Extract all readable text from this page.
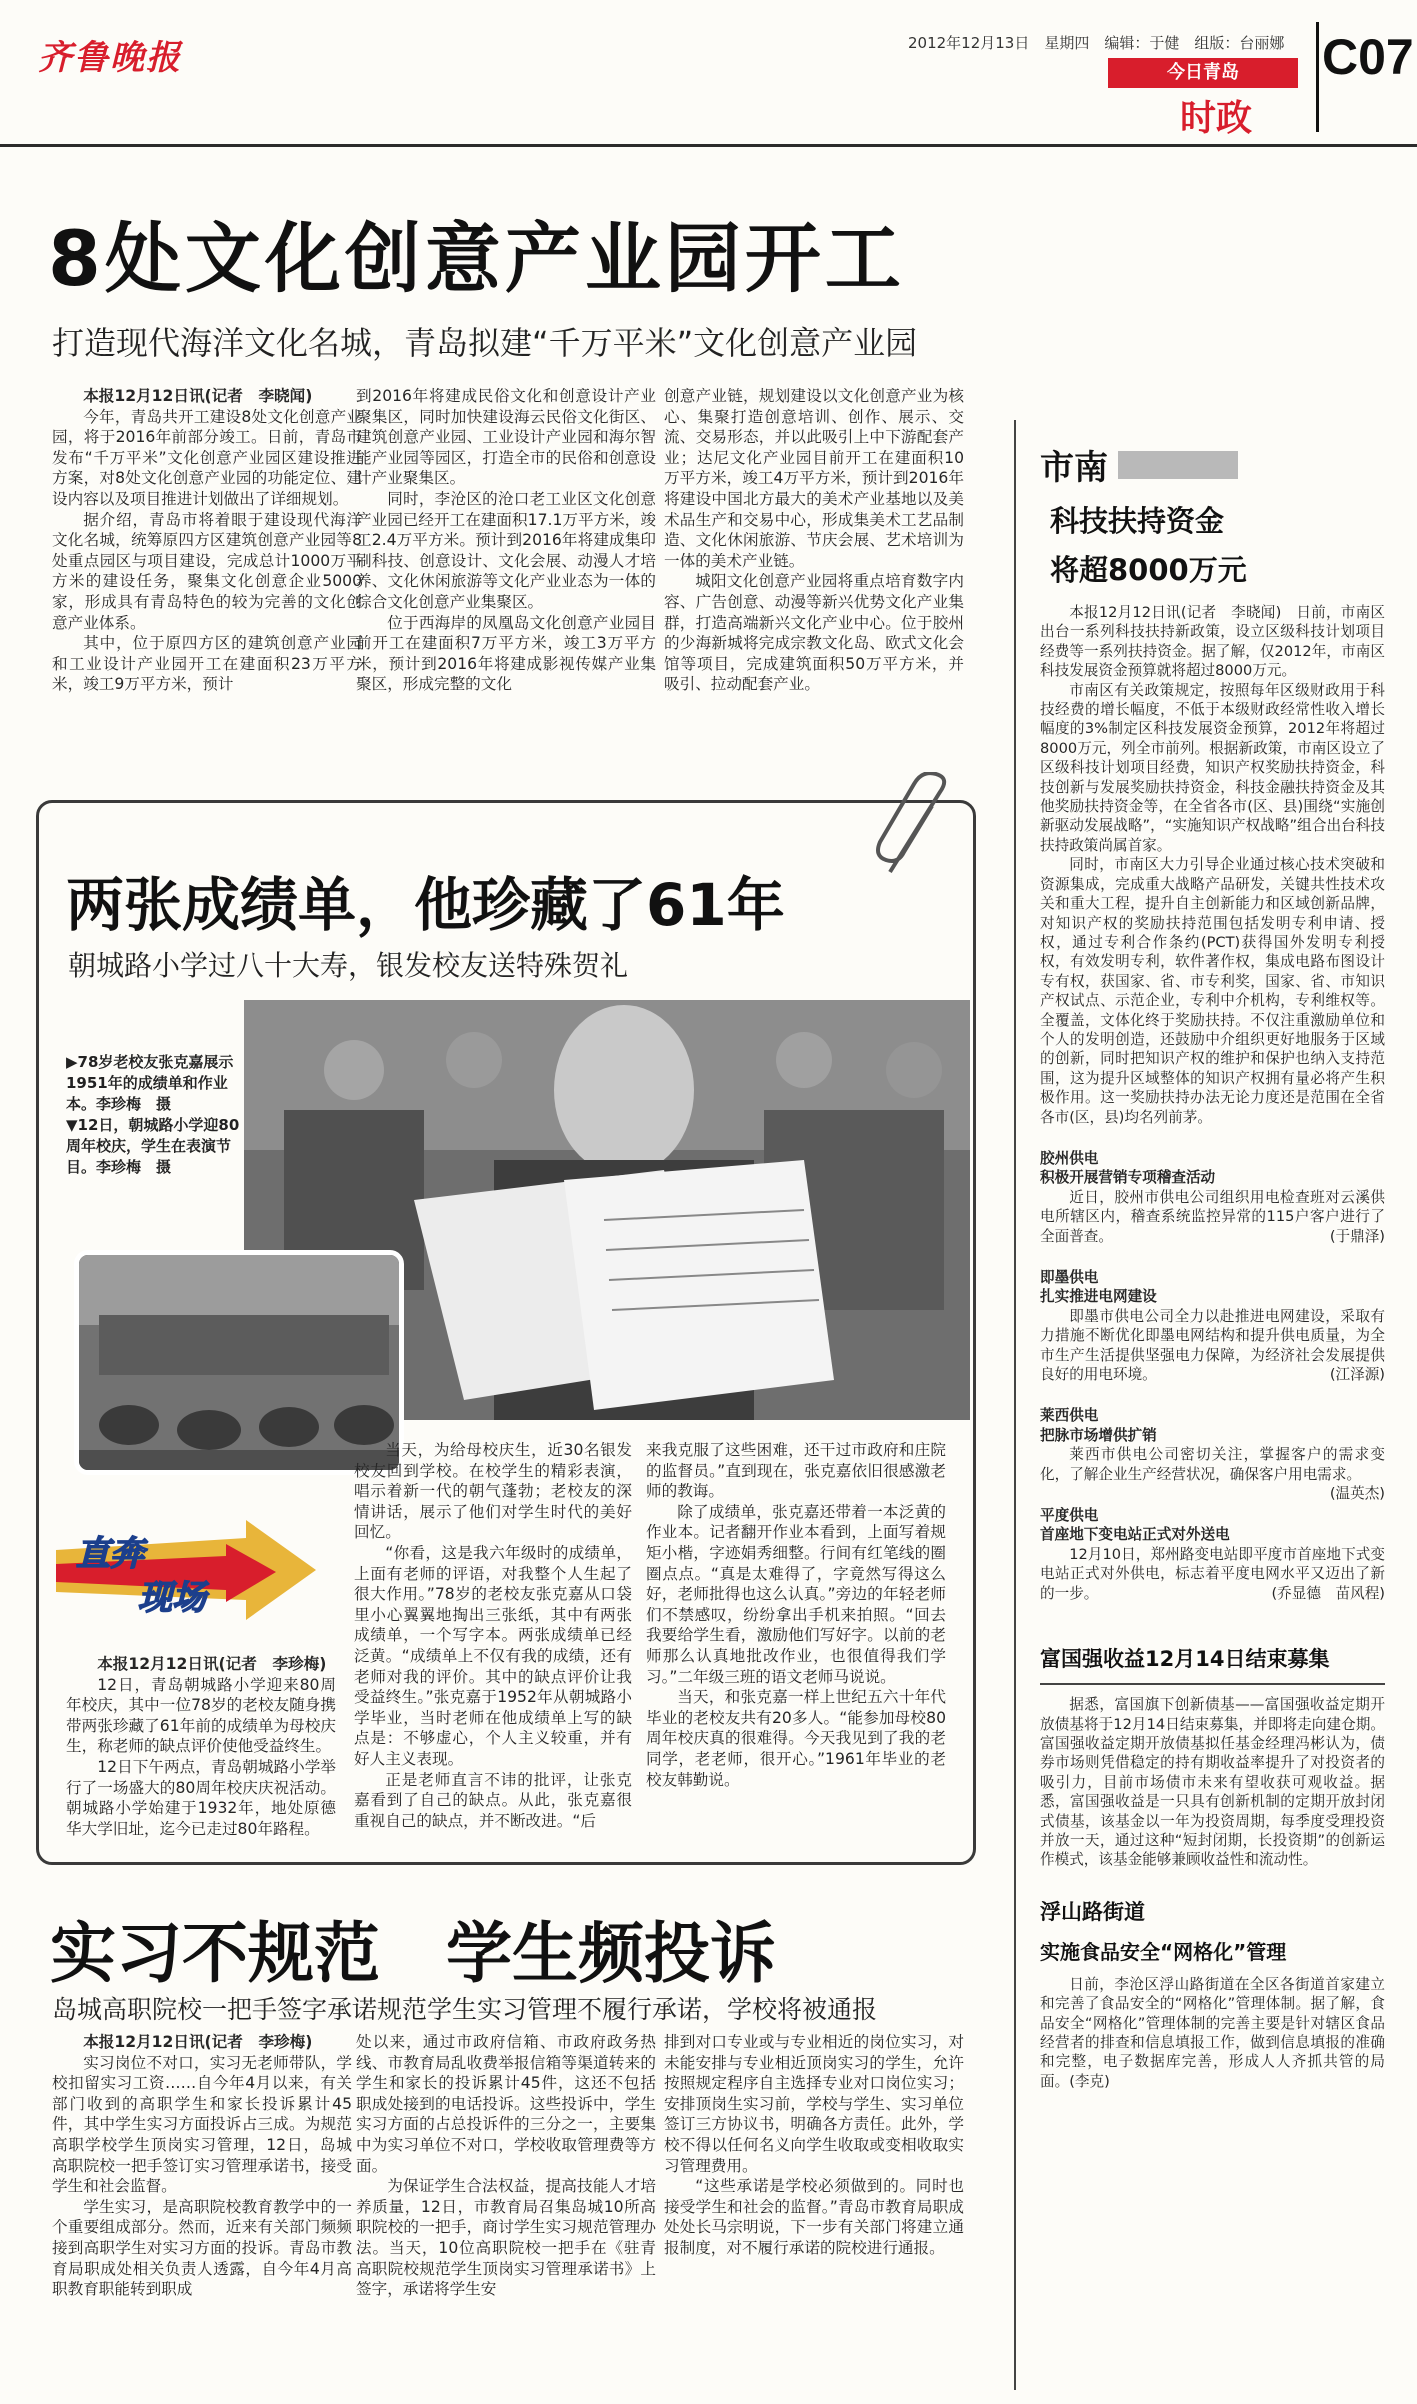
齐鲁晚报	2012年12月13日　星期四　编辑：于健　组版：台丽娜
今日青岛
时政
C07
8处文化创意产业园开工
打造现代海洋文化名城，青岛拟建“千万平米”文化创意产业园

本报12月12日讯(记者　李晓闻)

今年，青岛共开工建设8处文化创意产业园，将于2016年前部分竣工。日前，青岛市发布“千万平米”文化创意产业园区建设推进方案，对8处文化创意产业园的功能定位、建设内容以及项目推进计划做出了详细规划。

据介绍，青岛市将着眼于建设现代海洋文化名城，统筹原四方区建筑创意产业园等8处重点园区与项目建设，完成总计1000万平方米的建设任务，聚集文化创意企业5000家，形成具有青岛特色的较为完善的文化创意产业体系。

其中，位于原四方区的建筑创意产业园和工业设计产业园开工在建面积23万平方米，竣工9万平方米，预计

到2016年将建成民俗文化和创意设计产业聚集区，同时加快建设海云民俗文化街区、建筑创意产业园、工业设计产业园和海尔智能产业园等园区，打造全市的民俗和创意设计产业聚集区。

同时，李沧区的沧口老工业区文化创意产业园已经开工在建面积17.1万平方米，竣工2.4万平方米。预计到2016年将建成集印刷科技、创意设计、文化会展、动漫人才培养、文化休闲旅游等文化产业业态为一体的综合文化创意产业集聚区。

位于西海岸的凤凰岛文化创意产业园目前开工在建面积7万平方米，竣工3万平方米，预计到2016年将建成影视传媒产业集聚区，形成完整的文化

创意产业链，规划建设以文化创意产业为核心、集聚打造创意培训、创作、展示、交流、交易形态，并以此吸引上中下游配套产业；达尼文化产业园目前开工在建面积10万平方米，竣工4万平方米，预计到2016年将建设中国北方最大的美术产业基地以及美术品生产和交易中心，形成集美术工艺品制造、文化休闲旅游、节庆会展、艺术培训为一体的美术产业链。

城阳文化创意产业园将重点培育数字内容、广告创意、动漫等新兴优势文化产业集群，打造高端新兴文化产业中心。位于胶州的少海新城将完成宗教文化岛、欧式文化会馆等项目，完成建筑面积50万平方米，并吸引、拉动配套产业。

两张成绩单，他珍藏了61年
朝城路小学过八十大寿，银发校友送特殊贺礼
▶78岁老校友张克嘉展示1951年的成绩单和作业本。李珍梅　摄
▼12日，朝城路小学迎80周年校庆，学生在表演节目。李珍梅　摄
直奔
现场

本报12月12日讯(记者　李珍梅)

12日，青岛朝城路小学迎来80周年校庆，其中一位78岁的老校友随身携带两张珍藏了61年前的成绩单为母校庆生，称老师的缺点评价使他受益终生。

12日下午两点，青岛朝城路小学举行了一场盛大的80周年校庆庆祝活动。朝城路小学始建于1932年，地处原德华大学旧址，迄今已走过80年路程。

当天，为给母校庆生，近30名银发校友回到学校。在校学生的精彩表演，唱示着新一代的朝气蓬勃；老校友的深情讲话，展示了他们对学生时代的美好回忆。

“你看，这是我六年级时的成绩单，上面有老师的评语，对我整个人生起了很大作用。”78岁的老校友张克嘉从口袋里小心翼翼地掏出三张纸，其中有两张成绩单，一个写字本。两张成绩单已经泛黄。“成绩单上不仅有我的成绩，还有老师对我的评价。其中的缺点评价让我受益终生。”张克嘉于1952年从朝城路小学毕业，当时老师在他成绩单上写的缺点是：不够虚心，个人主义较重，并有好人主义表现。

正是老师直言不讳的批评，让张克嘉看到了自己的缺点。从此，张克嘉很重视自己的缺点，并不断改进。“后

来我克服了这些困难，还干过市政府和庄院的监督员。”直到现在，张克嘉依旧很感激老师的教诲。

除了成绩单，张克嘉还带着一本泛黄的作业本。记者翻开作业本看到，上面写着规矩小楷，字迹娟秀细整。行间有红笔线的圈圈点点。“真是太难得了，字竟然写得这么好，老师批得也这么认真。”旁边的年轻老师们不禁感叹，纷纷拿出手机来拍照。“回去我要给学生看，激励他们写好字。以前的老师那么认真地批改作业，也很值得我们学习。”二年级三班的语文老师马说说。

当天，和张克嘉一样上世纪五六十年代毕业的老校友共有20多人。“能参加母校80周年校庆真的很难得。今天我见到了我的老同学，老老师，很开心。”1961年毕业的老校友韩勤说。

实习不规范　学生频投诉
岛城高职院校一把手签字承诺规范学生实习管理不履行承诺，学校将被通报

本报12月12日讯(记者　李珍梅)

实习岗位不对口，实习无老师带队，学校扣留实习工资……自今年4月以来，有关部门收到的高职学生和家长投诉累计45件，其中学生实习方面投诉占三成。为规范高职学校学生顶岗实习管理，12日，岛城高职院校一把手签订实习管理承诺书，接受学生和社会监督。

学生实习，是高职院校教育教学中的一个重要组成部分。然而，近来有关部门频频接到高职学生对实习方面的投诉。青岛市教育局职成处相关负责人透露，自今年4月高职教育职能转到职成

处以来，通过市政府信箱、市政府政务热线、市教育局乱收费举报信箱等渠道转来的学生和家长的投诉累计45件，这还不包括职成处接到的电话投诉。这些投诉中，学生实习方面的占总投诉件的三分之一，主要集中为实习单位不对口，学校收取管理费等方面。

为保证学生合法权益，提高技能人才培养质量，12日，市教育局召集岛城10所高职院校的一把手，商讨学生实习规范管理办法。当天，10位高职院校一把手在《驻青高职院校规范学生顶岗实习管理承诺书》上签字，承诺将学生安

排到对口专业或与专业相近的岗位实习，对未能安排与专业相近顶岗实习的学生，允许按照规定程序自主选择专业对口岗位实习；安排顶岗生实习前，学校与学生、实习单位签订三方协议书，明确各方责任。此外，学校不得以任何名义向学生收取或变相收取实习管理费用。

“这些承诺是学校必须做到的。同时也接受学生和社会的监督。”青岛市教育局职成处处长马宗明说，下一步有关部门将建立通报制度，对不履行承诺的院校进行通报。

市南
科技扶持资金
将超8000万元

本报12月12日讯(记者　李晓闻)　日前，市南区出台一系列科技扶持新政策，设立区级科技计划项目经费等一系列扶持资金。据了解，仅2012年，市南区科技发展资金预算就将超过8000万元。

市南区有关政策规定，按照每年区级财政用于科技经费的增长幅度，不低于本级财政经常性收入增长幅度的3%制定区科技发展资金预算，2012年将超过8000万元，列全市前列。根据新政策，市南区设立了区级科技计划项目经费，知识产权奖励扶持资金，科技创新与发展奖励扶持资金，科技金融扶持资金及其他奖励扶持资金等，在全省各市(区、县)围绕“实施创新驱动发展战略”，“实施知识产权战略”组合出台科技扶持政策尚属首家。

同时，市南区大力引导企业通过核心技术突破和资源集成，完成重大战略产品研发，关键共性技术攻关和重大工程，提升自主创新能力和区域创新品牌，对知识产权的奖励扶持范围包括发明专利申请、授权，通过专利合作条约(PCT)获得国外发明专利授权，有效发明专利，软件著作权，集成电路布图设计专有权，获国家、省、市专利奖，国家、省、市知识产权试点、示范企业，专利中介机构，专利维权等。全覆盖，文体化终于奖励扶持。不仅注重激励单位和个人的发明创造，还鼓励中介组织更好地服务于区域的创新，同时把知识产权的维护和保护也纳入支持范围，这为提升区域整体的知识产权拥有量必将产生积极作用。这一奖励扶持办法无论力度还是范围在全省各市(区，县)均名列前茅。

胶州供电

积极开展营销专项稽查活动

近日，胶州市供电公司组织用电检查班对云溪供电所辖区内，稽查系统监控异常的115户客户进行了全面普查。	(于鼎泽)

即墨供电

扎实推进电网建设

即墨市供电公司全力以赴推进电网建设，采取有力措施不断优化即墨电网结构和提升供电质量，为全市生产生活提供坚强电力保障，为经济社会发展提供良好的用电环境。	(江泽源)

莱西供电

把脉市场增供扩销

莱西市供电公司密切关注，掌握客户的需求变化，了解企业生产经营状况，确保客户用电需求。
(温英杰)

平度供电

首座地下变电站正式对外送电

12月10日，郑州路变电站即平度市首座地下式变电站正式对外供电，标志着平度电网水平又迈出了新的一步。	(乔显德　苗风程)

富国强收益12月14日结束募集

据悉，富国旗下创新债基——富国强收益定期开放债基将于12月14日结束募集，并即将走向建仓期。富国强收益定期开放债基拟任基金经理冯彬认为，债券市场则凭借稳定的持有期收益率提升了对投资者的吸引力，目前市场债市未来有望收获可观收益。据悉，富国强收益是一只具有创新机制的定期开放封闭式债基，该基金以一年为投资周期，每季度受理投资并放一天，通过这种“短封闭期，长投资期”的创新运作模式，该基金能够兼顾收益性和流动性。

浮山路街道
实施食品安全“网格化”管理

日前，李沧区浮山路街道在全区各街道首家建立和完善了食品安全的“网格化”管理体制。据了解，食品安全“网格化”管理体制的完善主要是针对辖区食品经营者的排查和信息填报工作，做到信息填报的准确和完整，电子数据库完善，形成人人齐抓共管的局面。(李克)
